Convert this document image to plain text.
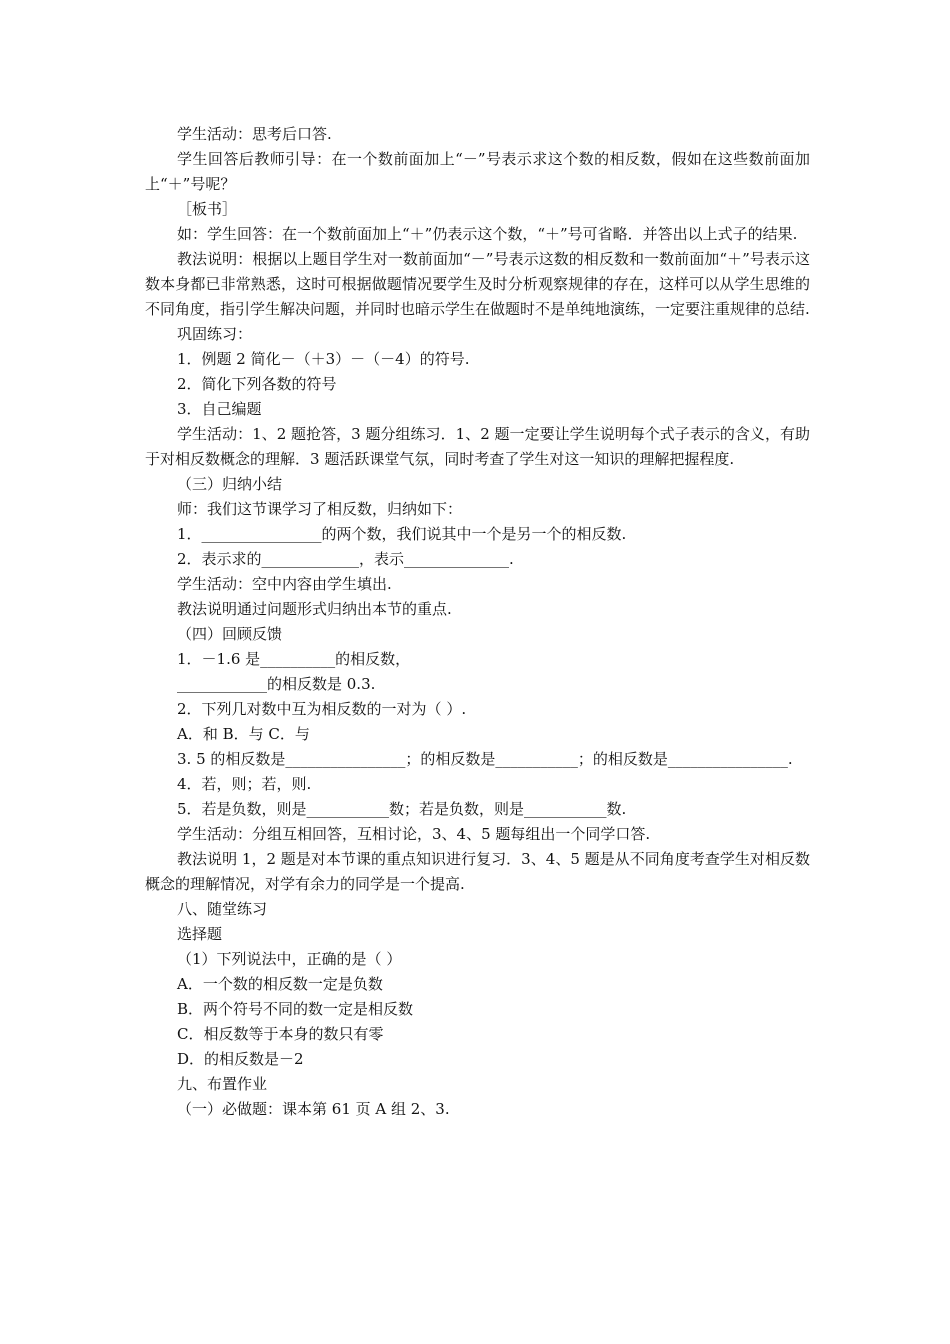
学生活动：思考后口答.

学生回答后教师引导：在一个数前面加上“－”号表示求这个数的相反数，假如在这些数前面加上“＋”号呢？

［板书］

如：学生回答：在一个数前面加上“＋”仍表示这个数，“＋”号可省略．并答出以上式子的结果.

教法说明：根据以上题目学生对一数前面加“－”号表示这数的相反数和一数前面加“＋”号表示这数本身都已非常熟悉，这时可根据做题情况要学生及时分析观察规律的存在，这样可以从学生思维的不同角度，指引学生解决问题，并同时也暗示学生在做题时不是单纯地演练，一定要注重规律的总结.

巩固练习：

1．例题 2 简化－（＋3）－（－4）的符号.

2．简化下列各数的符号

3．自己编题

学生活动：1、2 题抢答，3 题分组练习．1、2 题一定要让学生说明每个式子表示的含义，有助于对相反数概念的理解．3 题活跃课堂气氛，同时考查了学生对这一知识的理解把握程度.

（三）归纳小结

师：我们这节课学习了相反数，归纳如下：

1．________________的两个数，我们说其中一个是另一个的相反数.

2．表示求的_____________，表示______________.

学生活动：空中内容由学生填出.

教法说明通过问题形式归纳出本节的重点.

（四）回顾反馈

1．－1.6 是__________的相反数，

____________的相反数是 0.3.

2．下列几对数中互为相反数的一对为（ ）.

A．和 B．与 C．与

3. 5 的相反数是________________；的相反数是___________；的相反数是________________.

4．若，则；若，则.

5．若是负数，则是___________数；若是负数，则是___________数.

学生活动：分组互相回答，互相讨论，3、4、5 题每组出一个同学口答.

教法说明 1，2 题是对本节课的重点知识进行复习．3、4、5 题是从不同角度考查学生对相反数概念的理解情况，对学有余力的同学是一个提高.

八、随堂练习

选择题

（1）下列说法中，正确的是（ ）

A．一个数的相反数一定是负数

B．两个符号不同的数一定是相反数

C．相反数等于本身的数只有零

D．的相反数是－2

九、布置作业

（一）必做题：课本第 61 页 A 组 2、3.
